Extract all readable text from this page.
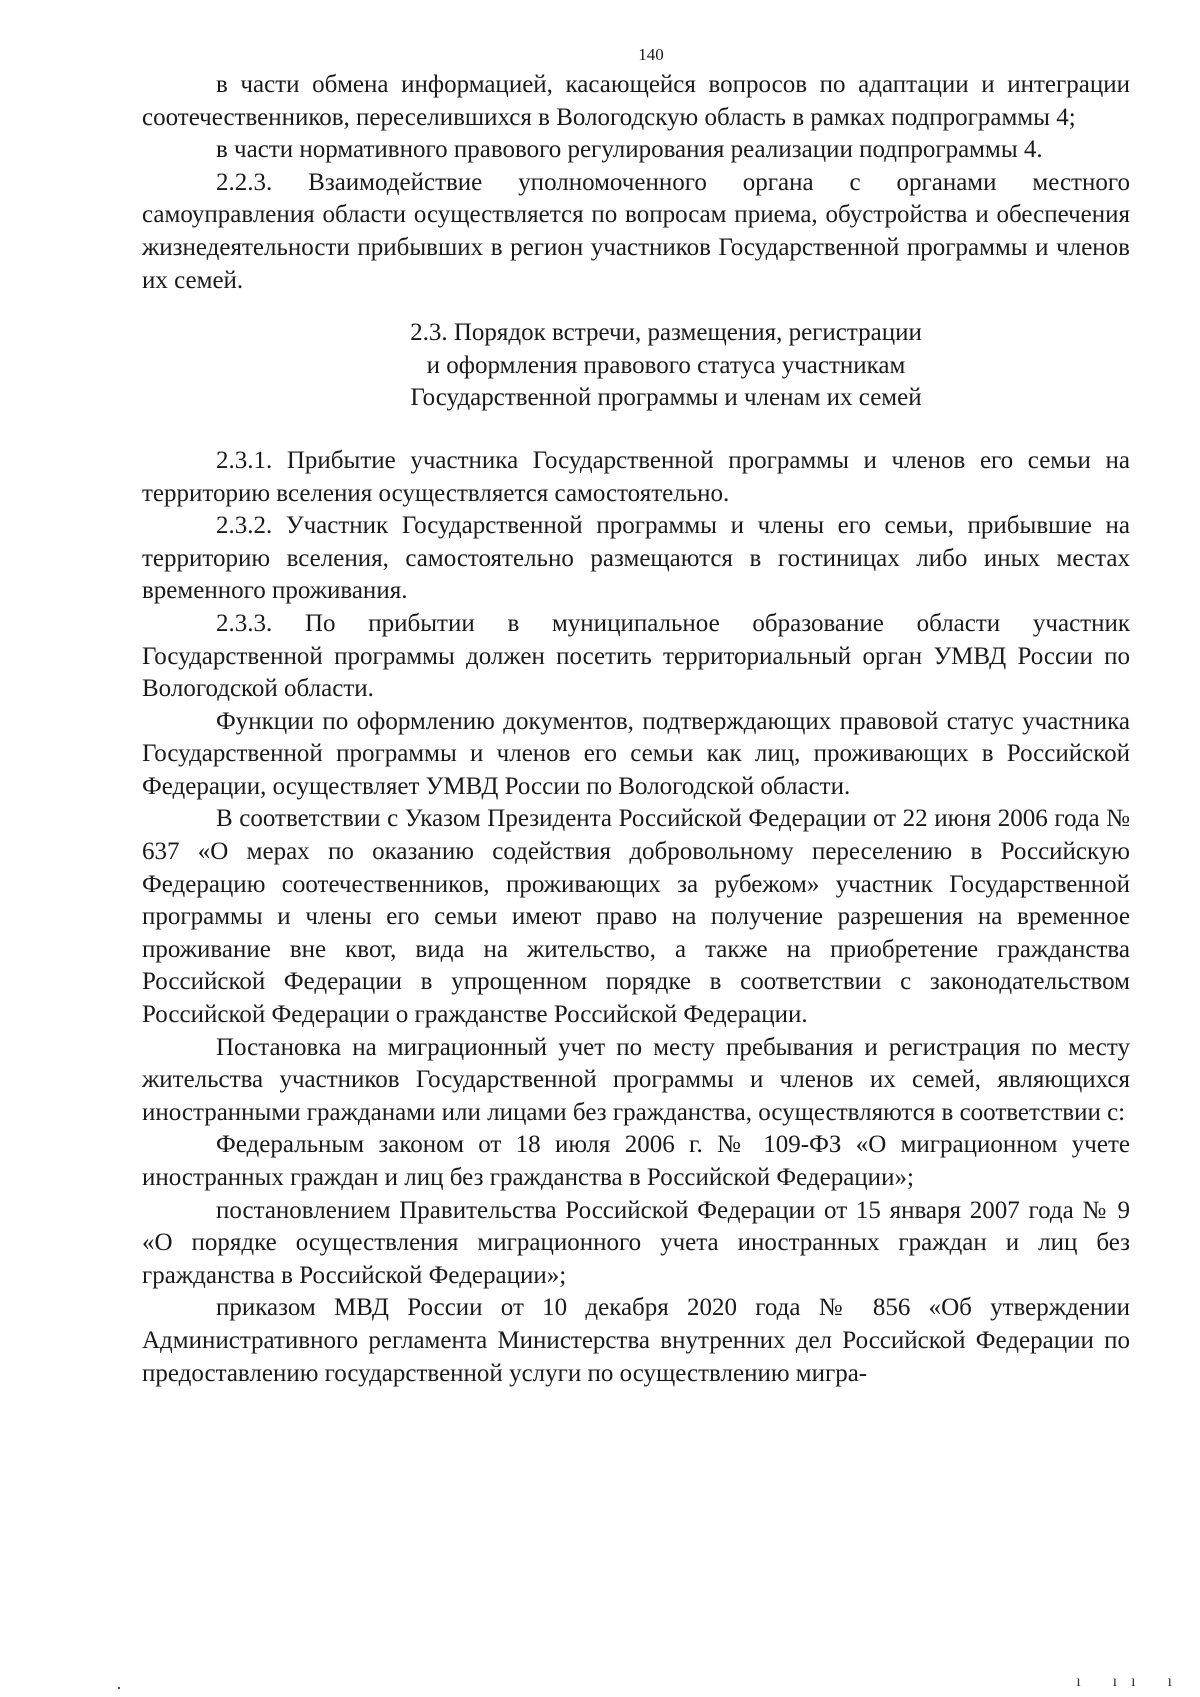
140

в части обмена информацией, касающейся вопросов по адаптации и интеграции соотечественников, переселившихся в Вологодскую область в рамках подпрограммы 4;

в части нормативного правового регулирования реализации подпрограммы 4.

2.2.3. Взаимодействие уполномоченного органа с органами местного самоуправления области осуществляется по вопросам приема, обустройства и обеспечения жизнедеятельности прибывших в регион участников Государственной программы и членов их семей.

2.3. Порядок встречи, размещения, регистрации
и оформления правового статуса участникам
Государственной программы и членам их семей

2.3.1. Прибытие участника Государственной программы и членов его семьи на территорию вселения осуществляется самостоятельно.

2.3.2. Участник Государственной программы и члены его семьи, прибывшие на территорию вселения, самостоятельно размещаются в гостиницах либо иных местах временного проживания.

2.3.3. По прибытии в муниципальное образование области участник Государственной программы должен посетить территориальный орган УМВД России по Вологодской области.

Функции по оформлению документов, подтверждающих правовой статус участника Государственной программы и членов его семьи как лиц, проживающих в Российской Федерации, осуществляет УМВД России по Вологодской области.

В соответствии с Указом Президента Российской Федерации от 22 июня 2006 года № 637 «О мерах по оказанию содействия добровольному переселению в Российскую Федерацию соотечественников, проживающих за рубежом» участник Государственной программы и члены его семьи имеют право на получение разрешения на временное проживание вне квот, вида на жительство, а также на приобретение гражданства Российской Федерации в упрощенном порядке в соответствии с законодательством Российской Федерации о гражданстве Российской Федерации.

Постановка на миграционный учет по месту пребывания и регистрация по месту жительства участников Государственной программы и членов их семей, являющихся иностранными гражданами или лицами без гражданства, осуществляются в соответствии с:

Федеральным законом от 18 июля 2006 г. № 109-ФЗ «О миграционном учете иностранных граждан и лиц без гражданства в Российской Федерации»;

постановлением Правительства Российской Федерации от 15 января 2007 года № 9 «О порядке осуществления миграционного учета иностранных граждан и лиц без гражданства в Российской Федерации»;

приказом МВД России от 10 декабря 2020 года № 856 «Об утверждении Административного регламента Министерства внутренних дел Российской Федерации по предоставлению государственной услуги по осуществлению мигра-

ı ıı ı
